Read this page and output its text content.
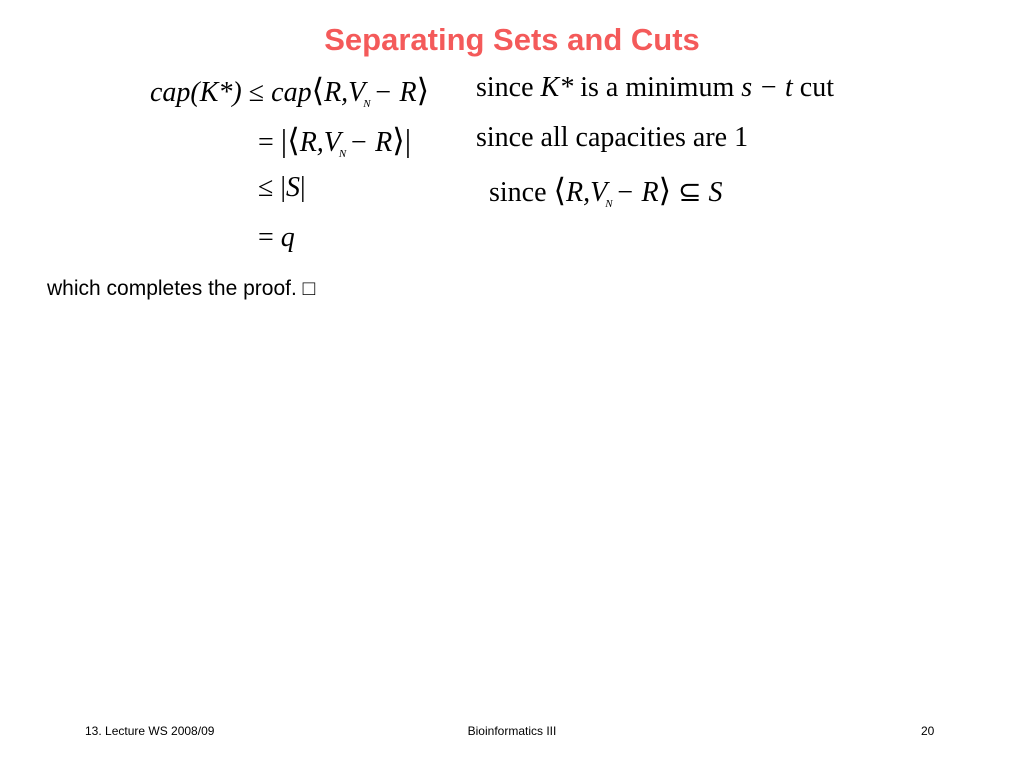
Separating Sets and Cuts
$cap(K*) \le cap⟨R,V_N$ − R⟩ since K* is a minimum s − t cut
= $|⟨R,V_N$ − R⟩| since all capacities are 1
≤ |S|	since $⟨R,V_N$ − R⟩ ⊆ S
= q
which completes the proof. □
13. Lecture WS 2008/09	Bioinformatics III	20
